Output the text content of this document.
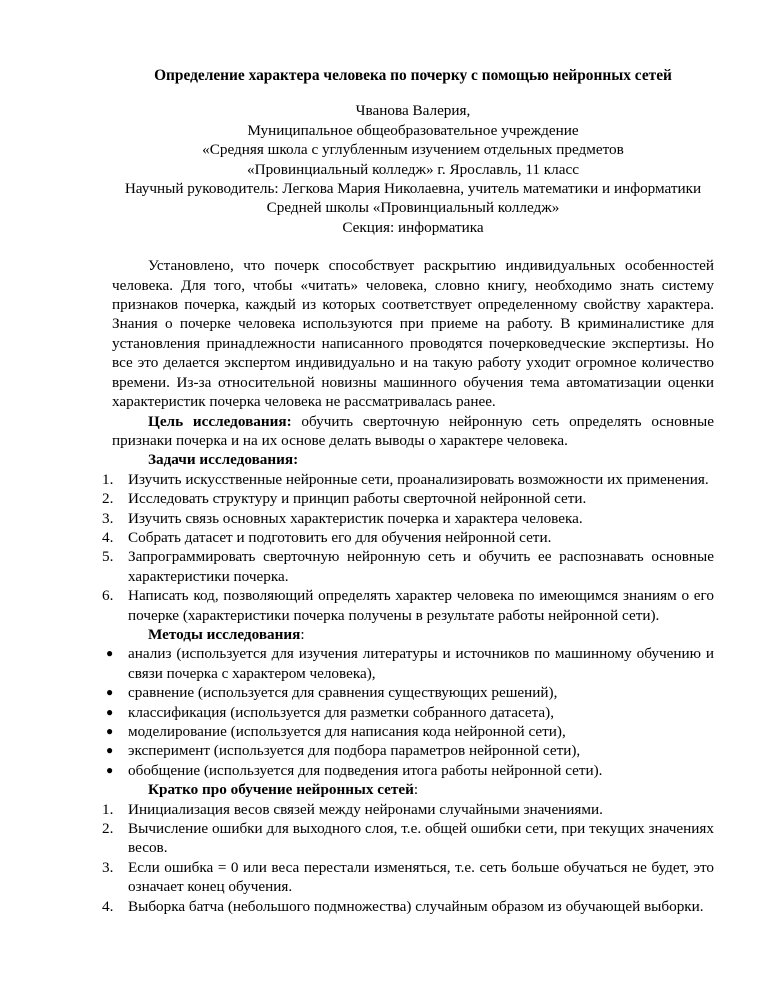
Определение характера человека по почерку с помощью нейронных сетей
Чванова Валерия,
Муниципальное общеобразовательное учреждение
«Средняя школа с углубленным изучением отдельных предметов
«Провинциальный колледж» г. Ярославль, 11 класс
Научный руководитель: Легкова Мария Николаевна, учитель математики и информатики
Средней школы «Провинциальный колледж»
Секция: информатика

Установлено, что почерк способствует раскрытию индивидуальных особенностей человека. Для того, чтобы «читать» человека, словно книгу, необходимо знать систему признаков почерка, каждый из которых соответствует определенному свойству характера. Знания о почерке человека используются при приеме на работу. В криминалистике для установления принадлежности написанного проводятся почерковедческие экспертизы. Но все это делается экспертом индивидуально и на такую работу уходит огромное количество времени. Из-за относительной новизны машинного обучения тема автоматизации оценки характеристик почерка человека не рассматривалась ранее.

Цель исследования: обучить сверточную нейронную сеть определять основные признаки почерка и на их основе делать выводы о характере человека.

Задачи исследования:
1. Изучить искусственные нейронные сети, проанализировать возможности их применения.
2. Исследовать структуру и принцип работы сверточной нейронной сети.
3. Изучить связь основных характеристик почерка и характера человека.
4. Собрать датасет и подготовить его для обучения нейронной сети.
5. Запрограммировать сверточную нейронную сеть и обучить ее распознавать основные характеристики почерка.
6. Написать код, позволяющий определять характер человека по имеющимся знаниям о его почерке (характеристики почерка получены в результате работы нейронной сети).
Методы исследования:
● анализ (используется для изучения литературы и источников по машинному обучению и связи почерка с характером человека),
● сравнение (используется для сравнения существующих решений),
● классификация (используется для разметки собранного датасета),
● моделирование (используется для написания кода нейронной сети),
● эксперимент (используется для подбора параметров нейронной сети),
● обобщение (используется для подведения итога работы нейронной сети).
Кратко про обучение нейронных сетей:
1. Инициализация весов связей между нейронами случайными значениями.
2. Вычисление ошибки для выходного слоя, т.е. общей ошибки сети, при текущих значениях весов.
3. Если ошибка = 0 или веса перестали изменяться, т.е. сеть больше обучаться не будет, это означает конец обучения.
4. Выборка батча (небольшого подмножества) случайным образом из обучающей выборки.
